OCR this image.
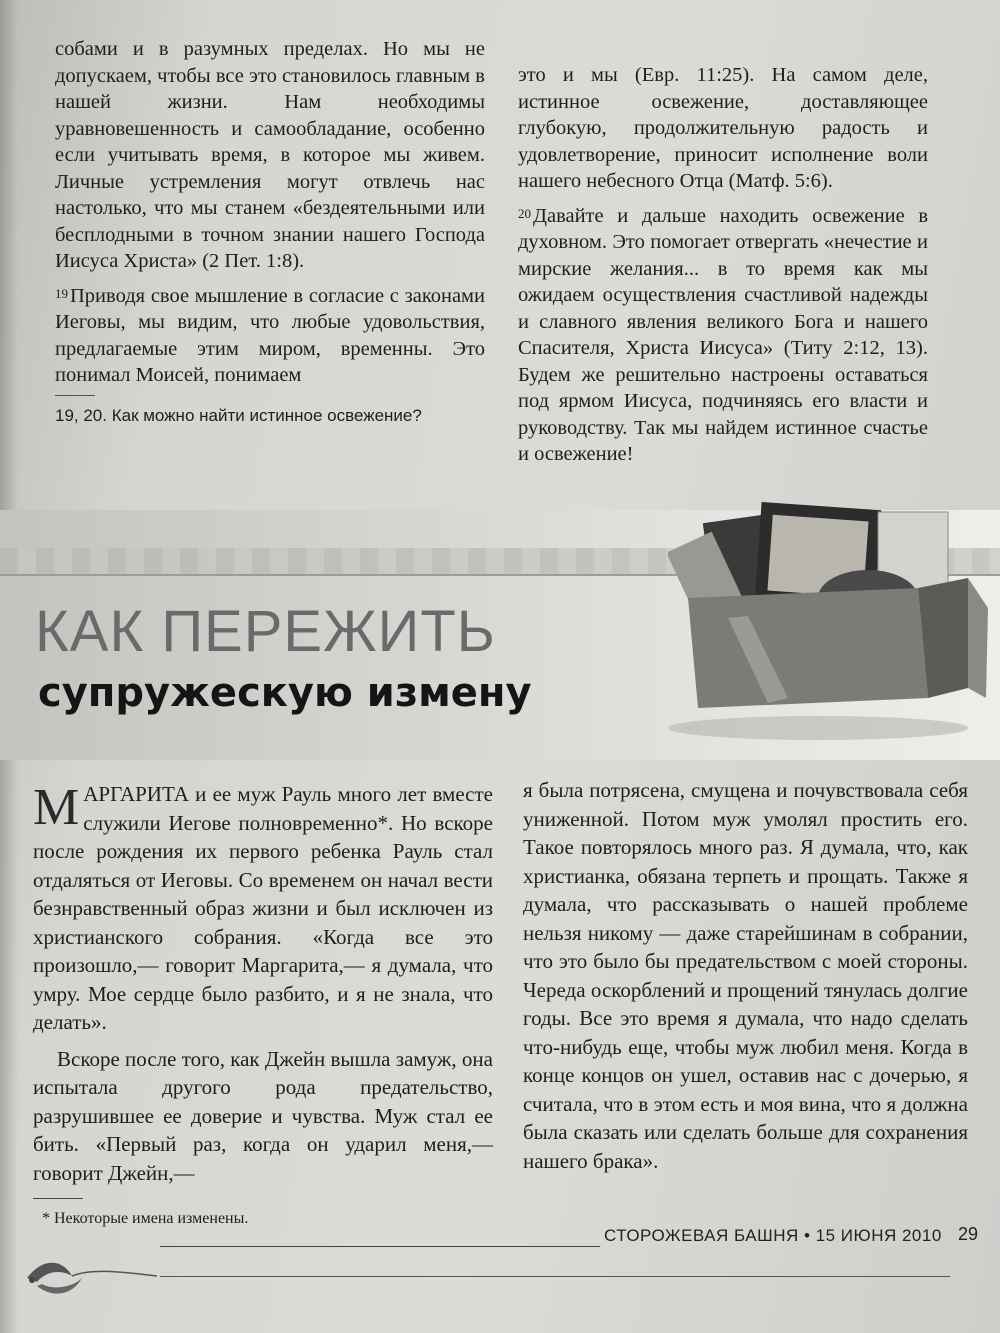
собами и в разумных пределах. Но мы не допускаем, чтобы все это становилось главным в нашей жизни. Нам необходимы уравновешенность и самообладание, особенно если учитывать время, в которое мы живем. Личные устремления могут отвлечь нас настолько, что мы станем «бездеятельными или бесплодными в точном знании нашего Господа Иисуса Христа» (2 Пет. 1:8).

$^{19}$Приводя свое мышление в согласие с законами Иеговы, мы видим, что любые удовольствия, предлагаемые этим миром, временны. Это понимал Моисей, понимаем

19, 20. Как можно найти истинное освежение?

это и мы (Евр. 11:25). На самом деле, истинное освежение, доставляющее глубокую, продолжительную радость и удовлетворение, приносит исполнение воли нашего небесного Отца (Матф. 5:6).

$^{20}$Давайте и дальше находить освежение в духовном. Это помогает отвергать «нечестие и мирские желания... в то время как мы ожидаем осуществления счастливой надежды и славного явления великого Бога и нашего Спасителя, Христа Иисуса» (Титу 2:12, 13). Будем же решительно настроены оставаться под ярмом Иисуса, подчиняясь его власти и руководству. Так мы найдем истинное счастье и освежение!

КАК ПЕРЕЖИТЬ
супружескую измену

МАРГАРИТА и ее муж Рауль много лет вместе служили Иегове полновременно*. Но вскоре после рождения их первого ребенка Рауль стал отдаляться от Иеговы. Со временем он начал вести безнравственный образ жизни и был исключен из христианского собрания. «Когда все это произошло,— говорит Маргарита,— я думала, что умру. Мое сердце было разбито, и я не знала, что делать».

Вскоре после того, как Джейн вышла замуж, она испытала другого рода предательство, разрушившее ее доверие и чувства. Муж стал ее бить. «Первый раз, когда он ударил меня,— говорит Джейн,—

я была потрясена, смущена и почувствовала себя униженной. Потом муж умолял простить его. Такое повторялось много раз. Я думала, что, как христианка, обязана терпеть и прощать. Также я думала, что рассказывать о нашей проблеме нельзя никому — даже старейшинам в собрании, что это было бы предательством с моей стороны. Череда оскорблений и прощений тянулась долгие годы. Все это время я думала, что надо сделать что-нибудь еще, чтобы муж любил меня. Когда в конце концов он ушел, оставив нас с дочерью, я считала, что в этом есть и моя вина, что я должна была сказать или сделать больше для сохранения нашего брака».

* Некоторые имена изменены.
СТОРОЖЕВАЯ БАШНЯ • 15 ИЮНЯ 2010 29
